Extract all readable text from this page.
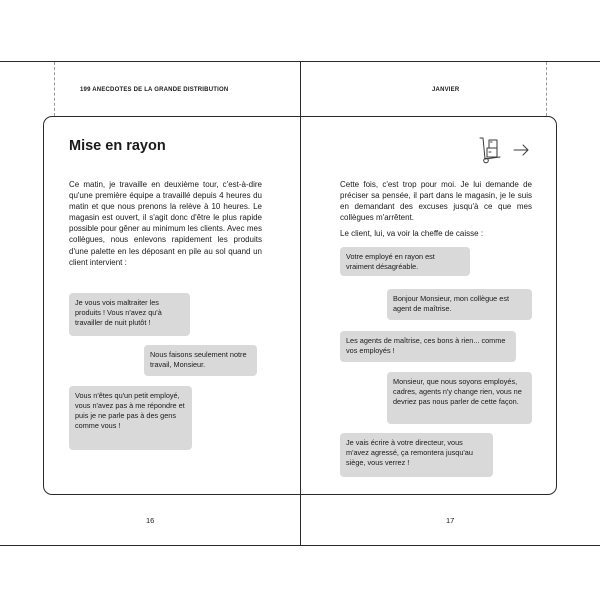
199 ANECDOTES DE LA GRANDE DISTRIBUTION	JANVIER
Mise en rayon

Ce matin, je travaille en deuxième tour, c'est-à-dire qu'une première équipe a travaillé depuis 4 heures du matin et que nous prenons la relève à 10 heures. Le magasin est ouvert, il s'agit donc d'être le plus rapide possible pour gêner au minimum les clients. Avec mes collègues, nous enlevons rapidement les produits d'une palette en les déposant en pile au sol quand un client intervient :

Je vous vois maltraiter les produits ! Vous n'avez qu'à travailler de nuit plutôt !
Nous faisons seulement notre travail, Monsieur.
Vous n'êtes qu'un petit employé, vous n'avez pas à me répondre et puis je ne parle pas à des gens comme vous !

Cette fois, c'est trop pour moi. Je lui demande de préciser sa pensée, il part dans le magasin, je le suis en demandant des excuses jusqu'à ce que mes collègues m'arrêtent.

Le client, lui, va voir la cheffe de caisse :

Votre employé en rayon est vraiment désagréable.
Bonjour Monsieur, mon collègue est agent de maîtrise.
Les agents de maîtrise, ces bons à rien... comme vos employés !
Monsieur, que nous soyons employés, cadres, agents n'y change rien, vous ne devriez pas nous parler de cette façon.
Je vais écrire à votre directeur, vous m'avez agressé, ça remontera jusqu'au siège, vous verrez !
16	17
